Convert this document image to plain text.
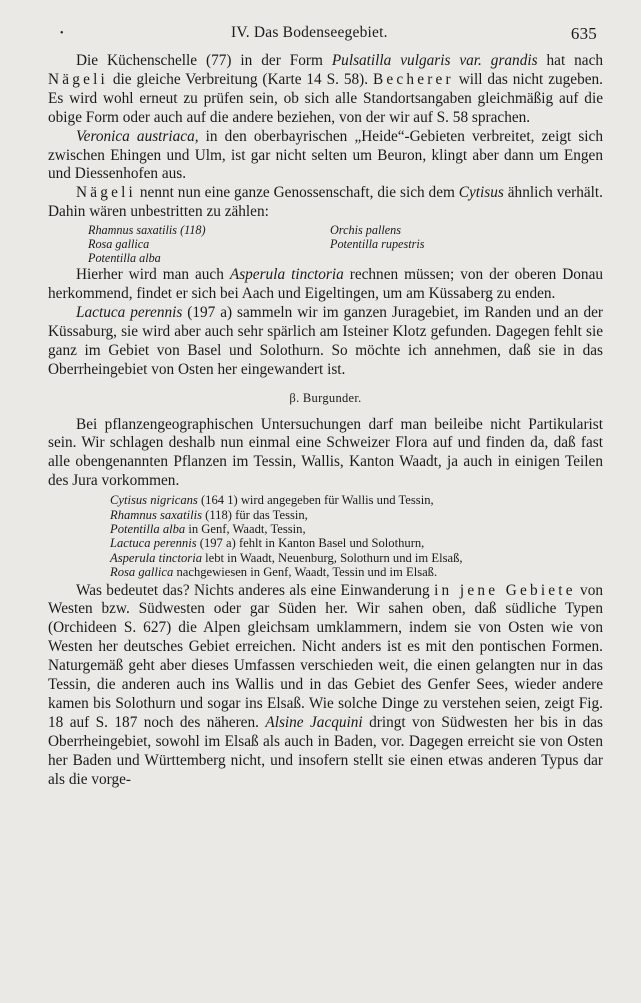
•	IV. Das Bodenseegebiet.	635

Die Küchenschelle (77) in der Form Pulsatilla vulgaris var. grandis hat nach Nägeli die gleiche Verbreitung (Karte 14 S. 58). Becherer will das nicht zugeben. Es wird wohl erneut zu prüfen sein, ob sich alle Standortsangaben gleichmäßig auf die obige Form oder auch auf die andere beziehen, von der wir auf S. 58 sprachen.

Veronica austriaca, in den oberbayrischen „Heide“-Gebieten verbreitet, zeigt sich zwischen Ehingen und Ulm, ist gar nicht selten um Beuron, klingt aber dann um Engen und Diessenhofen aus.

Nägeli nennt nun eine ganze Genossenschaft, die sich dem Cytisus ähnlich verhält. Dahin wären unbestritten zu zählen:

Rhamnus saxatilis (118)	Orchis pallens
Rosa gallica	Potentilla rupestris
Potentilla alba

Hierher wird man auch Asperula tinctoria rechnen müssen; von der oberen Donau herkommend, findet er sich bei Aach und Eigeltingen, um am Küssaberg zu enden.

Lactuca perennis (197 a) sammeln wir im ganzen Juragebiet, im Randen und an der Küssaburg, sie wird aber auch sehr spärlich am Isteiner Klotz gefunden. Dagegen fehlt sie ganz im Gebiet von Basel und Solothurn. So möchte ich annehmen, daß sie in das Oberrheingebiet von Osten her eingewandert ist.

β. Burgunder.

Bei pflanzengeographischen Untersuchungen darf man beileibe nicht Partikularist sein. Wir schlagen deshalb nun einmal eine Schweizer Flora auf und finden da, daß fast alle obengenannten Pflanzen im Tessin, Wallis, Kanton Waadt, ja auch in einigen Teilen des Jura vorkommen.

Cytisus nigricans (164 1) wird angegeben für Wallis und Tessin,
Rhamnus saxatilis (118) für das Tessin,
Potentilla alba in Genf, Waadt, Tessin,
Lactuca perennis (197 a) fehlt in Kanton Basel und Solothurn,
Asperula tinctoria lebt in Waadt, Neuenburg, Solothurn und im Elsaß,
Rosa gallica nachgewiesen in Genf, Waadt, Tessin und im Elsaß.

Was bedeutet das? Nichts anderes als eine Einwanderung in jene Gebiete von Westen bzw. Südwesten oder gar Süden her. Wir sahen oben, daß südliche Typen (Orchideen S. 627) die Alpen gleichsam umklammern, indem sie von Osten wie von Westen her deutsches Gebiet erreichen. Nicht anders ist es mit den pontischen Formen. Naturgemäß geht aber dieses Umfassen verschieden weit, die einen gelangten nur in das Tessin, die anderen auch ins Wallis und in das Gebiet des Genfer Sees, wieder andere kamen bis Solothurn und sogar ins Elsaß. Wie solche Dinge zu verstehen seien, zeigt Fig. 18 auf S. 187 noch des näheren. Alsine Jacquini dringt von Südwesten her bis in das Oberrheingebiet, sowohl im Elsaß als auch in Baden, vor. Dagegen erreicht sie von Osten her Baden und Württemberg nicht, und insofern stellt sie einen etwas anderen Typus dar als die vorge-
